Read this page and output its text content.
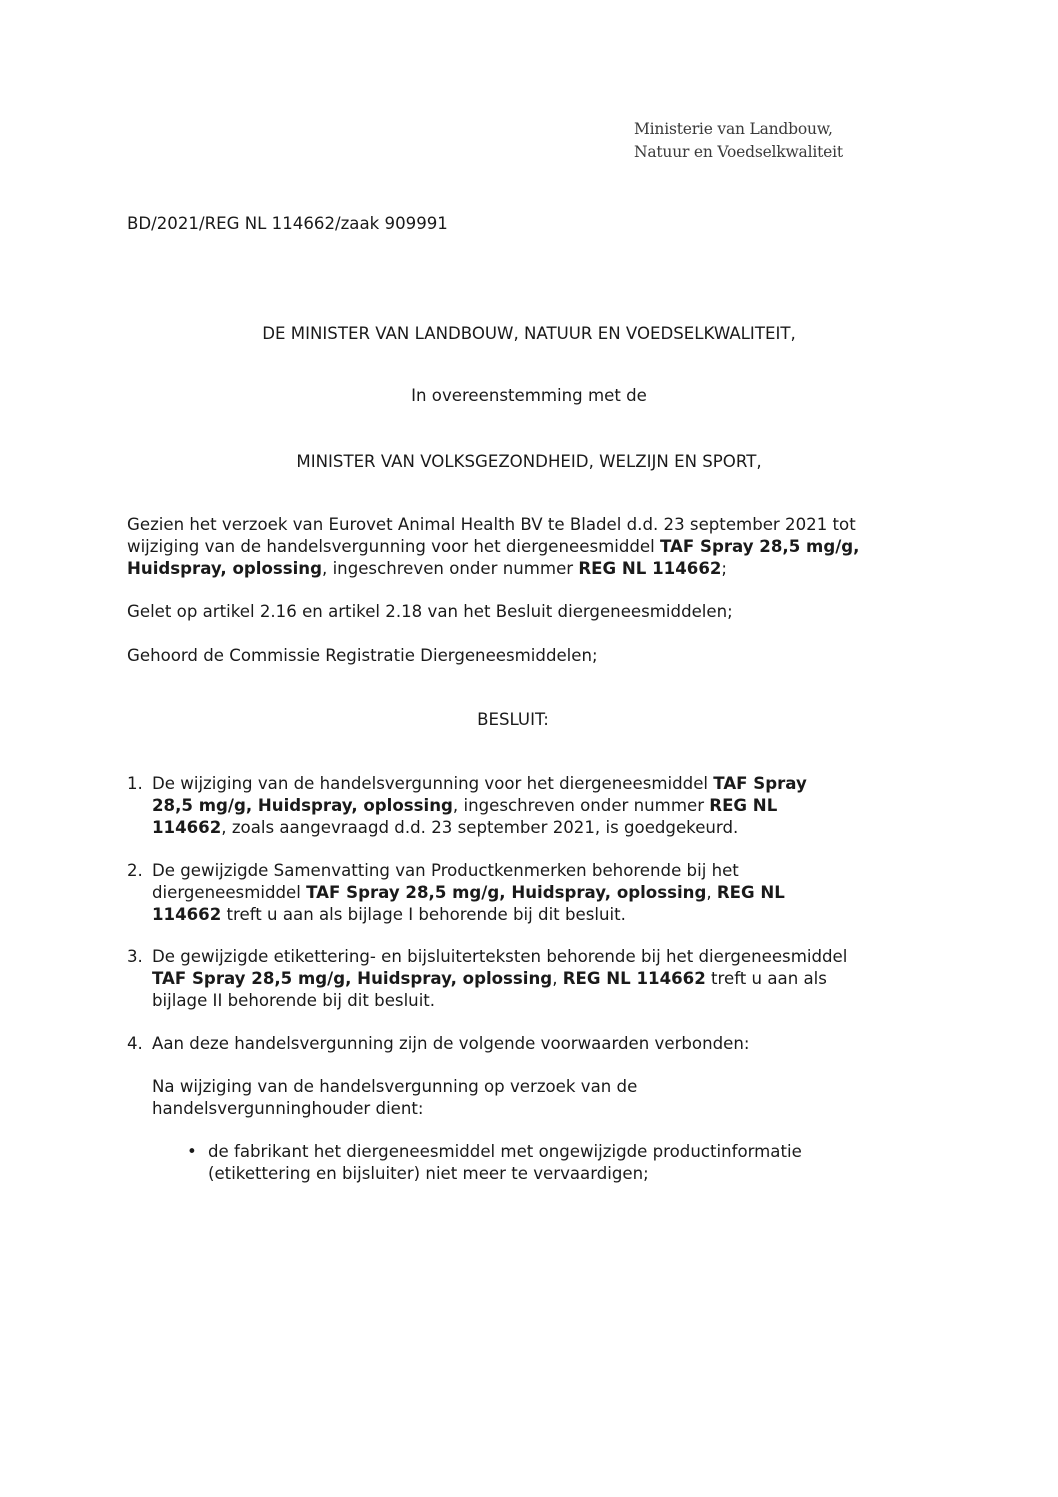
Ministerie van Landbouw,
Natuur en Voedselkwaliteit
BD/2021/REG NL 114662/zaak 909991
DE MINISTER VAN LANDBOUW, NATUUR EN VOEDSELKWALITEIT,
In overeenstemming met de
MINISTER VAN VOLKSGEZONDHEID, WELZIJN EN SPORT,
Gezien het verzoek van Eurovet Animal Health BV te Bladel d.d. 23 september 2021 tot
wijziging van de handelsvergunning voor het diergeneesmiddel TAF Spray 28,5 mg/g,
Huidspray, oplossing, ingeschreven onder nummer REG NL 114662;
Gelet op artikel 2.16 en artikel 2.18 van het Besluit diergeneesmiddelen;
Gehoord de Commissie Registratie Diergeneesmiddelen;
BESLUIT:
1. De wijziging van de handelsvergunning voor het diergeneesmiddel TAF Spray
28,5 mg/g, Huidspray, oplossing, ingeschreven onder nummer REG NL
114662, zoals aangevraagd d.d. 23 september 2021, is goedgekeurd.
2. De gewijzigde Samenvatting van Productkenmerken behorende bij het
diergeneesmiddel TAF Spray 28,5 mg/g, Huidspray, oplossing, REG NL
114662 treft u aan als bijlage I behorende bij dit besluit.
3. De gewijzigde etikettering- en bijsluiterteksten behorende bij het diergeneesmiddel
TAF Spray 28,5 mg/g, Huidspray, oplossing, REG NL 114662 treft u aan als
bijlage II behorende bij dit besluit.
4. Aan deze handelsvergunning zijn de volgende voorwaarden verbonden:
Na wijziging van de handelsvergunning op verzoek van de
handelsvergunninghouder dient:
• de fabrikant het diergeneesmiddel met ongewijzigde productinformatie
(etikettering en bijsluiter) niet meer te vervaardigen;
